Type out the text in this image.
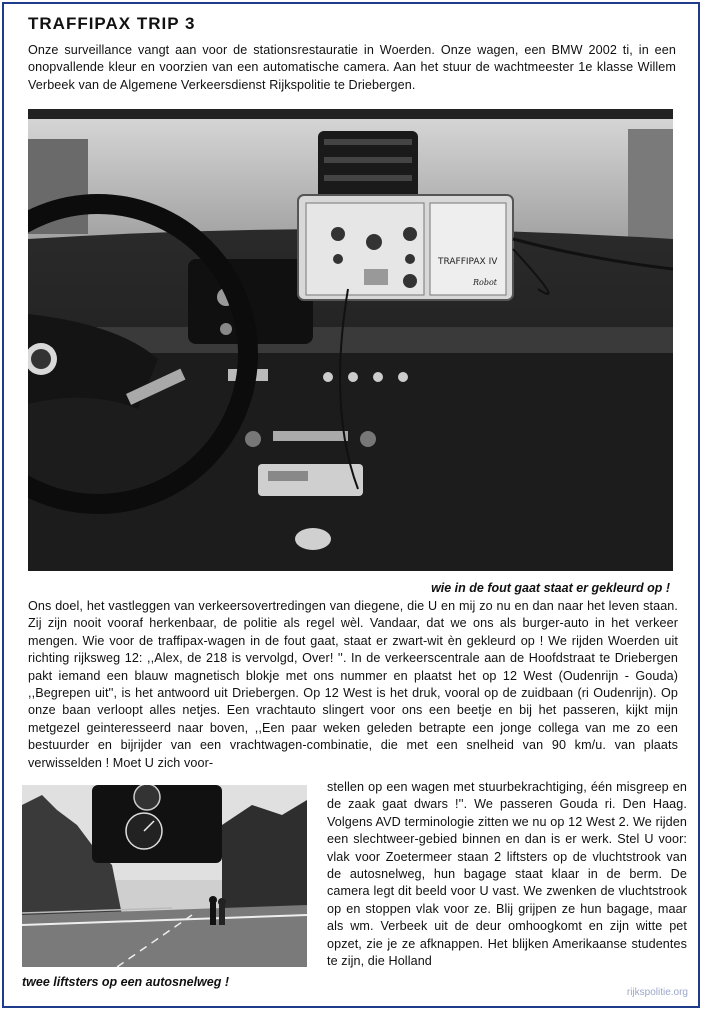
TRAFFIPAX TRIP 3

Onze surveillance vangt aan voor de stationsrestauratie in Woerden. Onze wagen, een BMW 2002 ti, in een onopvallende kleur en voorzien van een automatische camera. Aan het stuur de wachtmeester 1e klasse Willem Verbeek van de Algemene Verkeersdienst Rijkspolitie te Driebergen.

TRAFFIPAX IV
Robot

wie in de fout gaat staat er gekleurd op !

Ons doel, het vastleggen van verkeersovertredingen van diegene, die U en mij zo nu en dan naar het leven staan. Zij zijn nooit vooraf herkenbaar, de politie als regel wèl. Vandaar, dat we ons als burger-auto in het verkeer mengen. Wie voor de traffipax-wagen in de fout gaat, staat er zwart-wit èn gekleurd op ! We rijden Woerden uit richting rijksweg 12: ,,Alex, de 218 is vervolgd, Over! ''. In de verkeerscentrale aan de Hoofdstraat te Driebergen pakt iemand een blauw magnetisch blokje met ons nummer en plaatst het op 12 West (Oudenrijn - Gouda) ,,Begrepen uit'', is het antwoord uit Driebergen. Op 12 West is het druk, vooral op de zuidbaan (ri Oudenrijn). Op onze baan verloopt alles netjes. Een vrachtauto slingert voor ons een beetje en bij het passeren, kijkt mijn metgezel geinteresseerd naar boven, ,,Een paar weken geleden betrapte een jonge collega van me zo een bestuurder en bijrijder van een vrachtwagen-combinatie, die met een snelheid van 90 km/u. van plaats verwisselden ! Moet U zich voor-

stellen op een wagen met stuurbekrachtiging, één misgreep en de zaak gaat dwars !''. We passeren Gouda ri. Den Haag. Volgens AVD terminologie zitten we nu op 12 West 2. We rijden een slechtweer-gebied binnen en dan is er werk. Stel U voor: vlak voor Zoetermeer staan 2 liftsters op de vluchtstrook van de autosnelweg, hun bagage staat klaar in de berm. De camera legt dit beeld voor U vast. We zwenken de vluchtstrook op en stoppen vlak voor ze. Blij grijpen ze hun bagage, maar als wm. Verbeek uit de deur omhoogkomt en zijn witte pet opzet, zie je ze afknappen. Het blijken Amerikaanse studentes te zijn, die Holland

twee liftsters op een autosnelweg !

rijkspolitie.org
